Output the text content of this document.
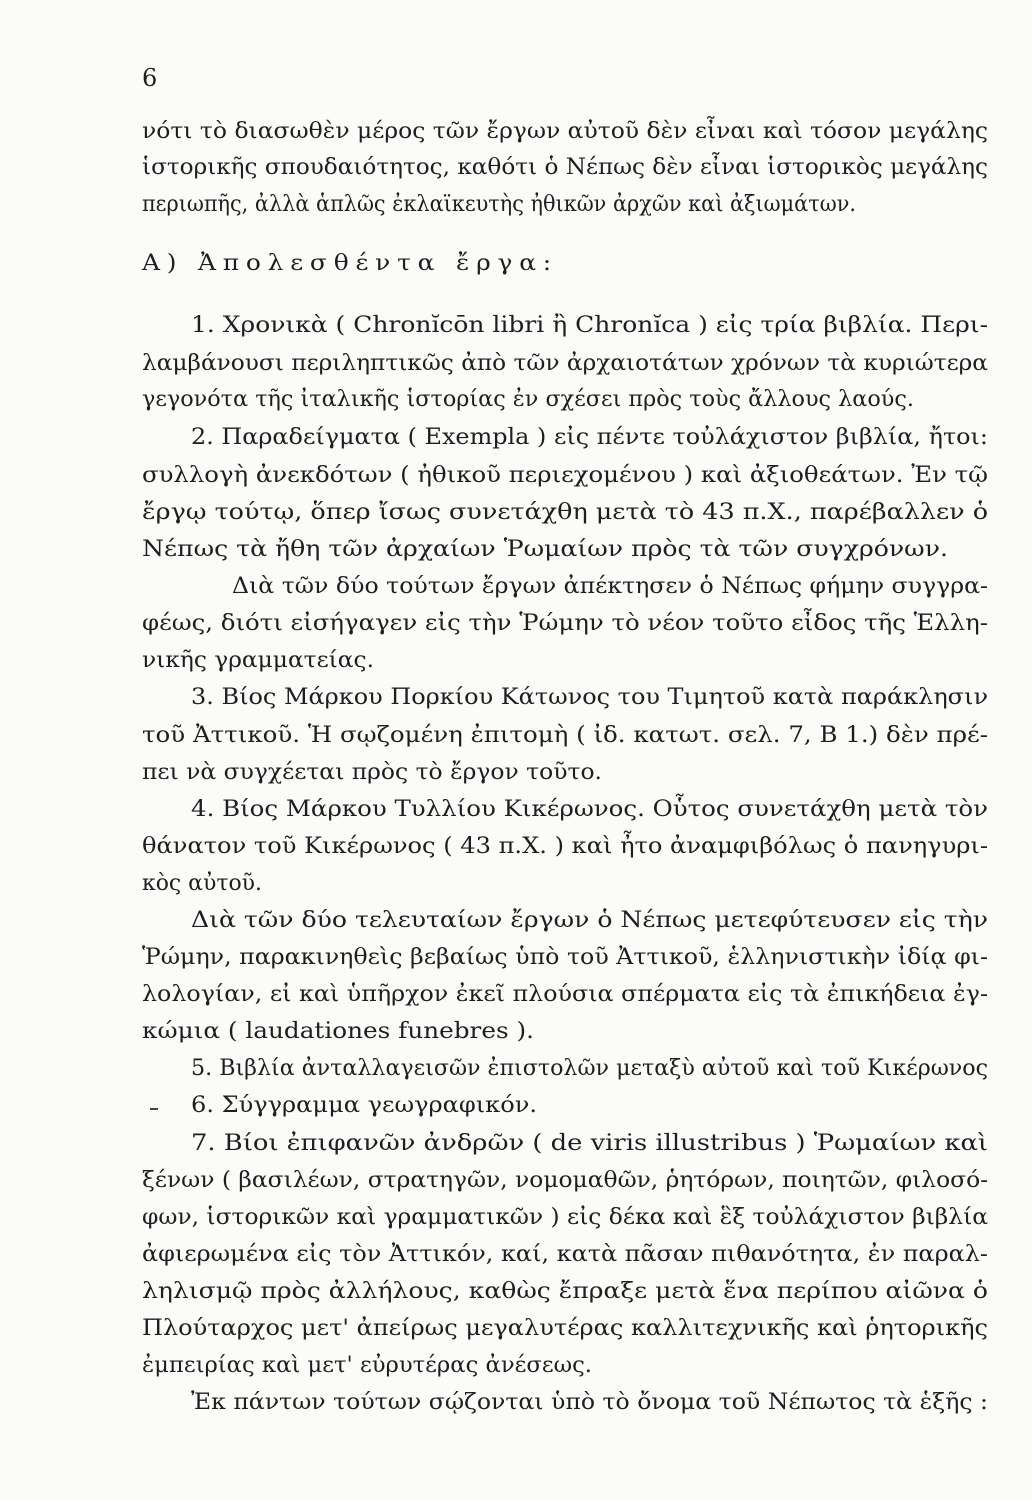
6
νότι τὸ διασωθὲν μέρος τῶν ἔργων αὐτοῦ δὲν εἶναι καὶ τόσον μεγάλης
ἱστορικῆς σπουδαιότητος, καθότι ὁ Νέπως δὲν εἶναι ἱστορικὸς μεγάλης
περιωπῆς, ἀλλὰ ἁπλῶς ἐκλαϊκευτὴς ἠθικῶν ἀρχῶν καὶ ἀξιωμάτων.
Α) Ἀπολεσθέντα ἔργα:
1. Χρονικὰ ( Chronĭcōn libri ἢ Chronĭca ) εἰς τρία βιβλία. Περι-
λαμβάνουσι περιληπτικῶς ἀπὸ τῶν ἀρχαιοτάτων χρόνων τὰ κυριώτερα
γεγονότα τῆς ἰταλικῆς ἱστορίας ἐν σχέσει πρὸς τοὺς ἄλλους λαούς.
2. Παραδείγματα ( Exempla ) εἰς πέντε τοὐλάχιστον βιβλία, ἤτοι:
συλλογὴ ἀνεκδότων ( ἠθικοῦ περιεχομένου ) καὶ ἀξιοθεάτων. Ἐν τῷ
ἔργῳ τούτῳ, ὅπερ ἴσως συνετάχθη μετὰ τὸ 43 π.Χ., παρέβαλλεν ὁ
Νέπως τὰ ἤθη τῶν ἀρχαίων Ῥωμαίων πρὸς τὰ τῶν συγχρόνων.
Διὰ τῶν δύο τούτων ἔργων ἀπέκτησεν ὁ Νέπως φήμην συγγρα-
φέως, διότι εἰσήγαγεν εἰς τὴν Ῥώμην τὸ νέον τοῦτο εἶδος τῆς Ἑλλη-
νικῆς γραμματείας.
3. Βίος Μάρκου Πορκίου Κάτωνος του Τιμητοῦ κατὰ παράκλησιν
τοῦ Ἀττικοῦ. Ἡ σῳζομένη ἐπιτομὴ ( ἰδ. κατωτ. σελ. 7, Β 1.) δὲν πρέ-
πει νὰ συγχέεται πρὸς τὸ ἔργον τοῦτο.
4. Βίος Μάρκου Τυλλίου Κικέρωνος. Οὗτος συνετάχθη μετὰ τὸν
θάνατον τοῦ Κικέρωνος ( 43 π.Χ. ) καὶ ἦτο ἀναμφιβόλως ὁ πανηγυρι-
κὸς αὐτοῦ.
Διὰ τῶν δύο τελευταίων ἔργων ὁ Νέπως μετεφύτευσεν εἰς τὴν
Ῥώμην, παρακινηθεὶς βεβαίως ὑπὸ τοῦ Ἀττικοῦ, ἑλληνιστικὴν ἰδίᾳ φι-
λολογίαν, εἰ καὶ ὑπῆρχον ἐκεῖ πλούσια σπέρματα εἰς τὰ ἐπικήδεια ἐγ-
κώμια ( laudationes funebres ).
5. Βιβλία ἀνταλλαγεισῶν ἐπιστολῶν μεταξὺ αὐτοῦ καὶ τοῦ Κικέρωνος
6. Σύγγραμμα γεωγραφικόν.
7. Βίοι ἐπιφανῶν ἀνδρῶν ( de viris illustribus ) Ῥωμαίων καὶ
ξένων ( βασιλέων, στρατηγῶν, νομομαθῶν, ῥητόρων, ποιητῶν, φιλοσό-
φων, ἱστορικῶν καὶ γραμματικῶν ) εἰς δέκα καὶ ἓξ τοὐλάχιστον βιβλία
ἀφιερωμένα εἰς τὸν Ἀττικόν, καί, κατὰ πᾶσαν πιθανότητα, ἐν παραλ-
ληλισμῷ πρὸς ἀλλήλους, καθὼς ἔπραξε μετὰ ἕνα περίπου αἰῶνα ὁ
Πλούταρχος μετ' ἀπείρως μεγαλυτέρας καλλιτεχνικῆς καὶ ῥητορικῆς
ἐμπειρίας καὶ μετ' εὐρυτέρας ἀνέσεως.
Ἐκ πάντων τούτων σῴζονται ὑπὸ τὸ ὄνομα τοῦ Νέπωτος τὰ ἑξῆς :
